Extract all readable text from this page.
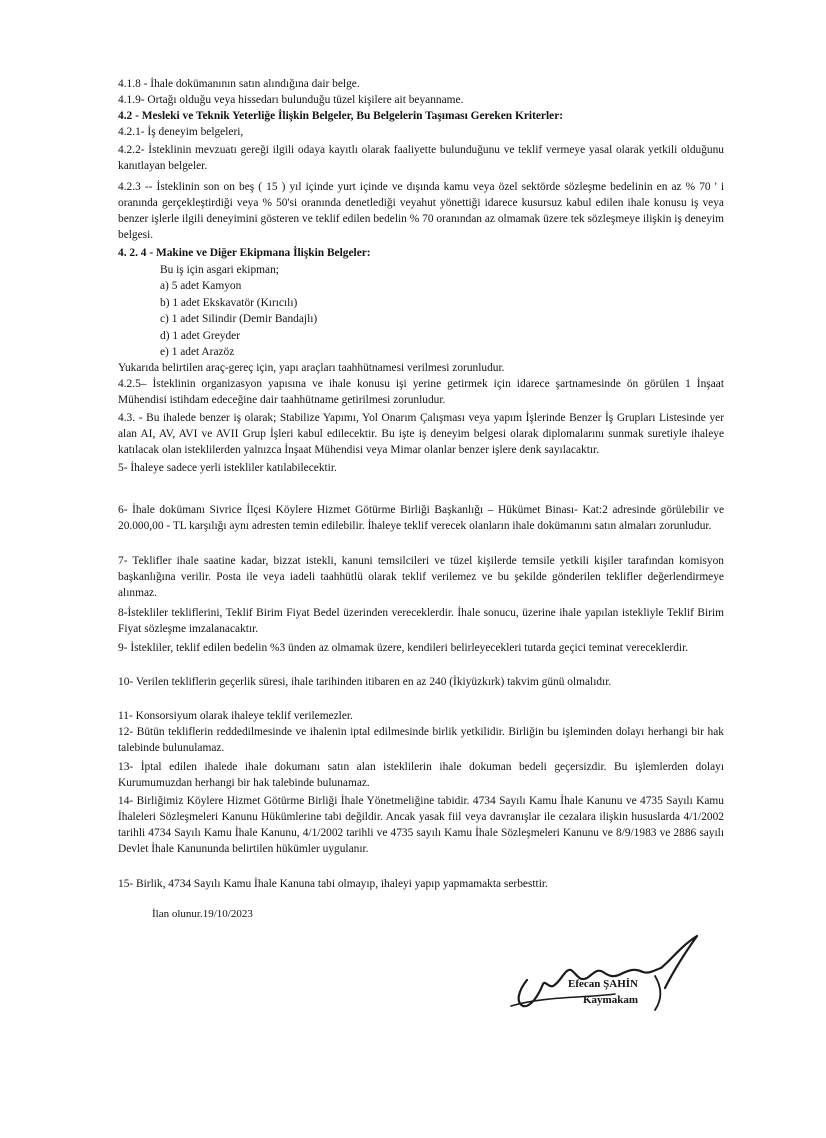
4.1.8 - İhale dokümanının satın alındığına dair belge.

4.1.9- Ortağı olduğu veya hissedarı bulunduğu tüzel kişilere ait beyanname.

4.2 - Mesleki ve Teknik Yeterliğe İlişkin Belgeler, Bu Belgelerin Taşıması Gereken Kriterler:

4.2.1- İş deneyim belgeleri,

4.2.2- İsteklinin mevzuatı gereği ilgili odaya kayıtlı olarak faaliyette bulunduğunu ve teklif vermeye yasal olarak yetkili olduğunu kanıtlayan belgeler.

4.2.3 -- İsteklinin son on beş ( 15 ) yıl içinde yurt içinde ve dışında kamu veya özel sektörde sözleşme bedelinin en az % 70 ' i oranında gerçekleştirdiği veya % 50'si oranında denetlediği veyahut yönettiği idarece kusursuz kabul edilen ihale konusu iş veya benzer işlerle ilgili deneyimini gösteren ve teklif edilen bedelin % 70 oranından az olmamak üzere tek sözleşmeye ilişkin iş deneyim belgesi.

4. 2. 4 - Makine ve Diğer Ekipmana İlişkin Belgeler:

Bu iş için asgari ekipman;

a) 5 adet Kamyon
b) 1 adet Ekskavatör (Kırıcılı)
c) 1 adet Silindir (Demir Bandajlı)
d) 1 adet Greyder
e) 1 adet Arazöz

Yukarıda belirtilen araç-gereç için, yapı araçları taahhütnamesi verilmesi zorunludur.

4.2.5– İsteklinin organizasyon yapısına ve ihale konusu işi yerine getirmek için idarece şartnamesinde ön görülen 1 İnşaat Mühendisi istihdam edeceğine dair taahhütname getirilmesi zorunludur.

4.3. - Bu ihalede benzer iş olarak; Stabilize Yapımı, Yol Onarım Çalışması veya yapım İşlerinde Benzer İş Grupları Listesinde yer alan AI, AV, AVI ve AVII Grup İşleri kabul edilecektir. Bu işte iş deneyim belgesi olarak diplomalarını sunmak suretiyle ihaleye katılacak olan isteklilerden yalnızca İnşaat Mühendisi veya Mimar olanlar benzer işlere denk sayılacaktır.

5- İhaleye sadece yerli istekliler katılabilecektir.

6- İhale dokümanı Sivrice İlçesi Köylere Hizmet Götürme Birliği Başkanlığı – Hükümet Binası- Kat:2 adresinde görülebilir ve 20.000,00 - TL karşılığı aynı adresten temin edilebilir. İhaleye teklif verecek olanların ihale dokümanını satın almaları zorunludur.

7- Teklifler ihale saatine kadar, bizzat istekli, kanuni temsilcileri ve tüzel kişilerde temsile yetkili kişiler tarafından komisyon başkanlığına verilir. Posta ile veya iadeli taahhütlü olarak teklif verilemez ve bu şekilde gönderilen teklifler değerlendirmeye alınmaz.

8-İstekliler tekliflerini, Teklif Birim Fiyat Bedel üzerinden vereceklerdir. İhale sonucu, üzerine ihale yapılan istekliyle Teklif Birim Fiyat sözleşme imzalanacaktır.

9- İstekliler, teklif edilen bedelin %3 ünden az olmamak üzere, kendileri belirleyecekleri tutarda geçici teminat vereceklerdir.

10- Verilen tekliflerin geçerlik süresi, ihale tarihinden itibaren en az 240 (İkiyüzkırk) takvim günü olmalıdır.

11- Konsorsiyum olarak ihaleye teklif verilemezler.

12- Bütün tekliflerin reddedilmesinde ve ihalenin iptal edilmesinde birlik yetkilidir. Birliğin bu işleminden dolayı herhangi bir hak talebinde bulunulamaz.

13- İptal edilen ihalede ihale dokumanı satın alan isteklilerin ihale dokuman bedeli geçersizdir. Bu işlemlerden dolayı Kurumumuzdan herhangi bir hak talebinde bulunamaz.

14- Birliğimiz Köylere Hizmet Götürme Birliği İhale Yönetmeliğine tabidir. 4734 Sayılı Kamu İhale Kanunu ve 4735 Sayılı Kamu İhaleleri Sözleşmeleri Kanunu Hükümlerine tabi değildir. Ancak yasak fiil veya davranışlar ile cezalara ilişkin hususlarda 4/1/2002 tarihli 4734 Sayılı Kamu İhale Kanunu, 4/1/2002 tarihli ve 4735 sayılı Kamu İhale Sözleşmeleri Kanunu ve 8/9/1983 ve 2886 sayılı Devlet İhale Kanununda belirtilen hükümler uygulanır.

15- Birlik, 4734 Sayılı Kamu İhale Kanuna tabi olmayıp, ihaleyi yapıp yapmamakta serbesttir.

İlan olunur.19/10/2023

Efecan ŞAHİN
Kaymakam
